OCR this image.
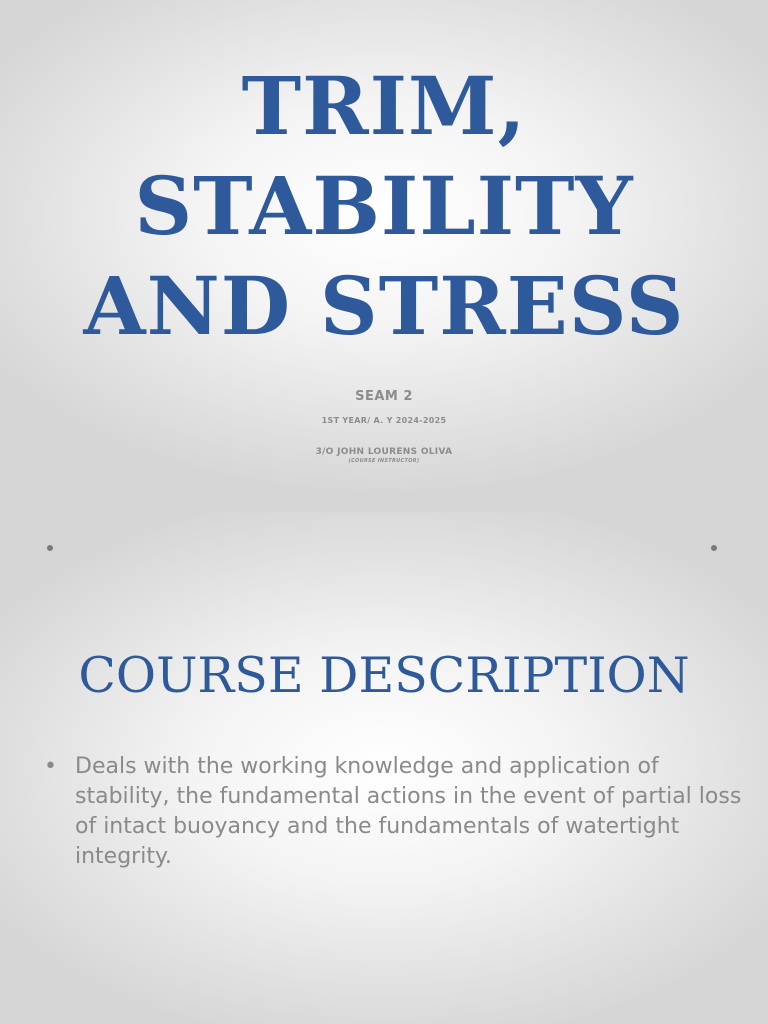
TRIM,
STABILITY
AND STRESS
SEAM 2
1ST YEAR/ A. Y 2024-2025
3/O JOHN LOURENS OLIVA
(COURSE INSTRUCTOR)
COURSE DESCRIPTION
• Deals with the working knowledge and application of stability, the fundamental actions in the event of partial loss of intact buoyancy and the fundamentals of watertight integrity.
